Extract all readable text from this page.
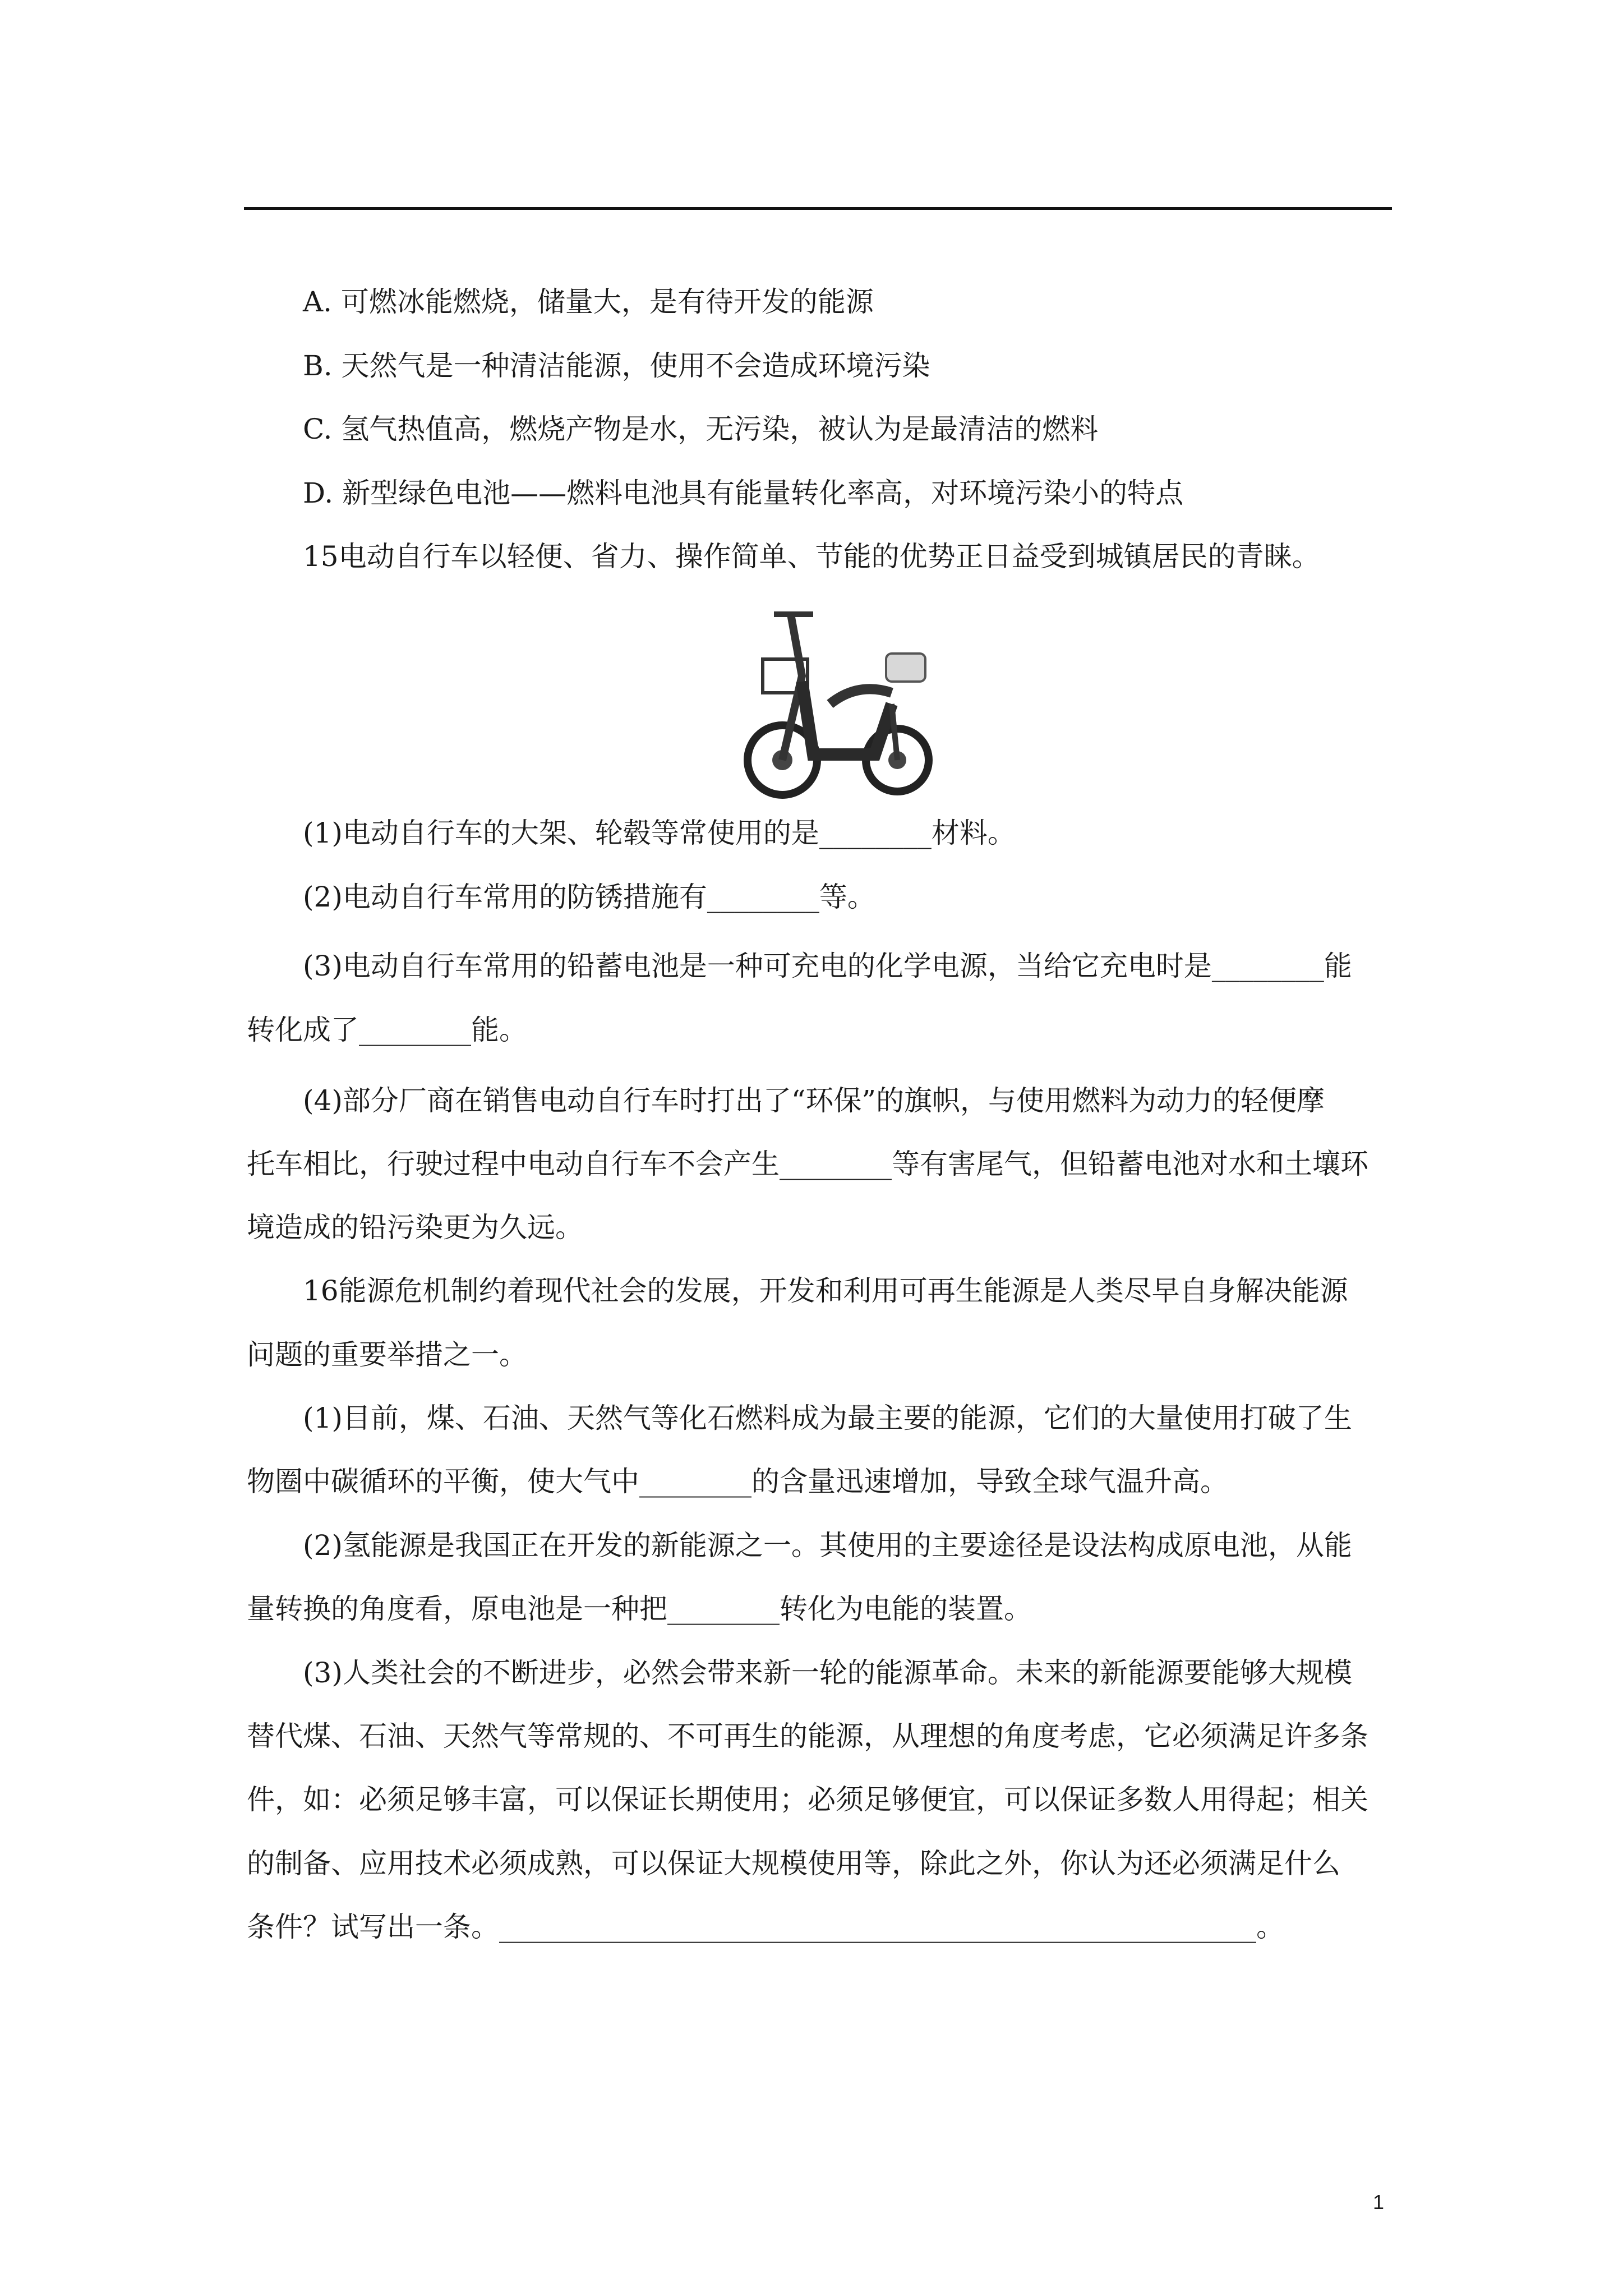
A. 可燃冰能燃烧，储量大，是有待开发的能源
B. 天然气是一种清洁能源，使用不会造成环境污染
C. 氢气热值高，燃烧产物是水，无污染，被认为是最清洁的燃料
D. 新型绿色电池——燃料电池具有能量转化率高，对环境污染小的特点
15电动自行车以轻便、省力、操作简单、节能的优势正日益受到城镇居民的青睐。
(1)电动自行车的大架、轮毂等常使用的是________材料。
(2)电动自行车常用的防锈措施有________等。
(3)电动自行车常用的铅蓄电池是一种可充电的化学电源，当给它充电时是________能
转化成了________能。
(4)部分厂商在销售电动自行车时打出了“环保”的旗帜，与使用燃料为动力的轻便摩
托车相比，行驶过程中电动自行车不会产生________等有害尾气，但铅蓄电池对水和土壤环
境造成的铅污染更为久远。
16能源危机制约着现代社会的发展，开发和利用可再生能源是人类尽早自身解决能源
问题的重要举措之一。
(1)目前，煤、石油、天然气等化石燃料成为最主要的能源，它们的大量使用打破了生
物圈中碳循环的平衡，使大气中________的含量迅速增加，导致全球气温升高。
(2)氢能源是我国正在开发的新能源之一。其使用的主要途径是设法构成原电池，从能
量转换的角度看，原电池是一种把________转化为电能的装置。
(3)人类社会的不断进步，必然会带来新一轮的能源革命。未来的新能源要能够大规模
替代煤、石油、天然气等常规的、不可再生的能源，从理想的角度考虑，它必须满足许多条
件，如：必须足够丰富，可以保证长期使用；必须足够便宜，可以保证多数人用得起；相关
的制备、应用技术必须成熟，可以保证大规模使用等，除此之外，你认为还必须满足什么
条件？试写出一条。______________________________________________________。
1
